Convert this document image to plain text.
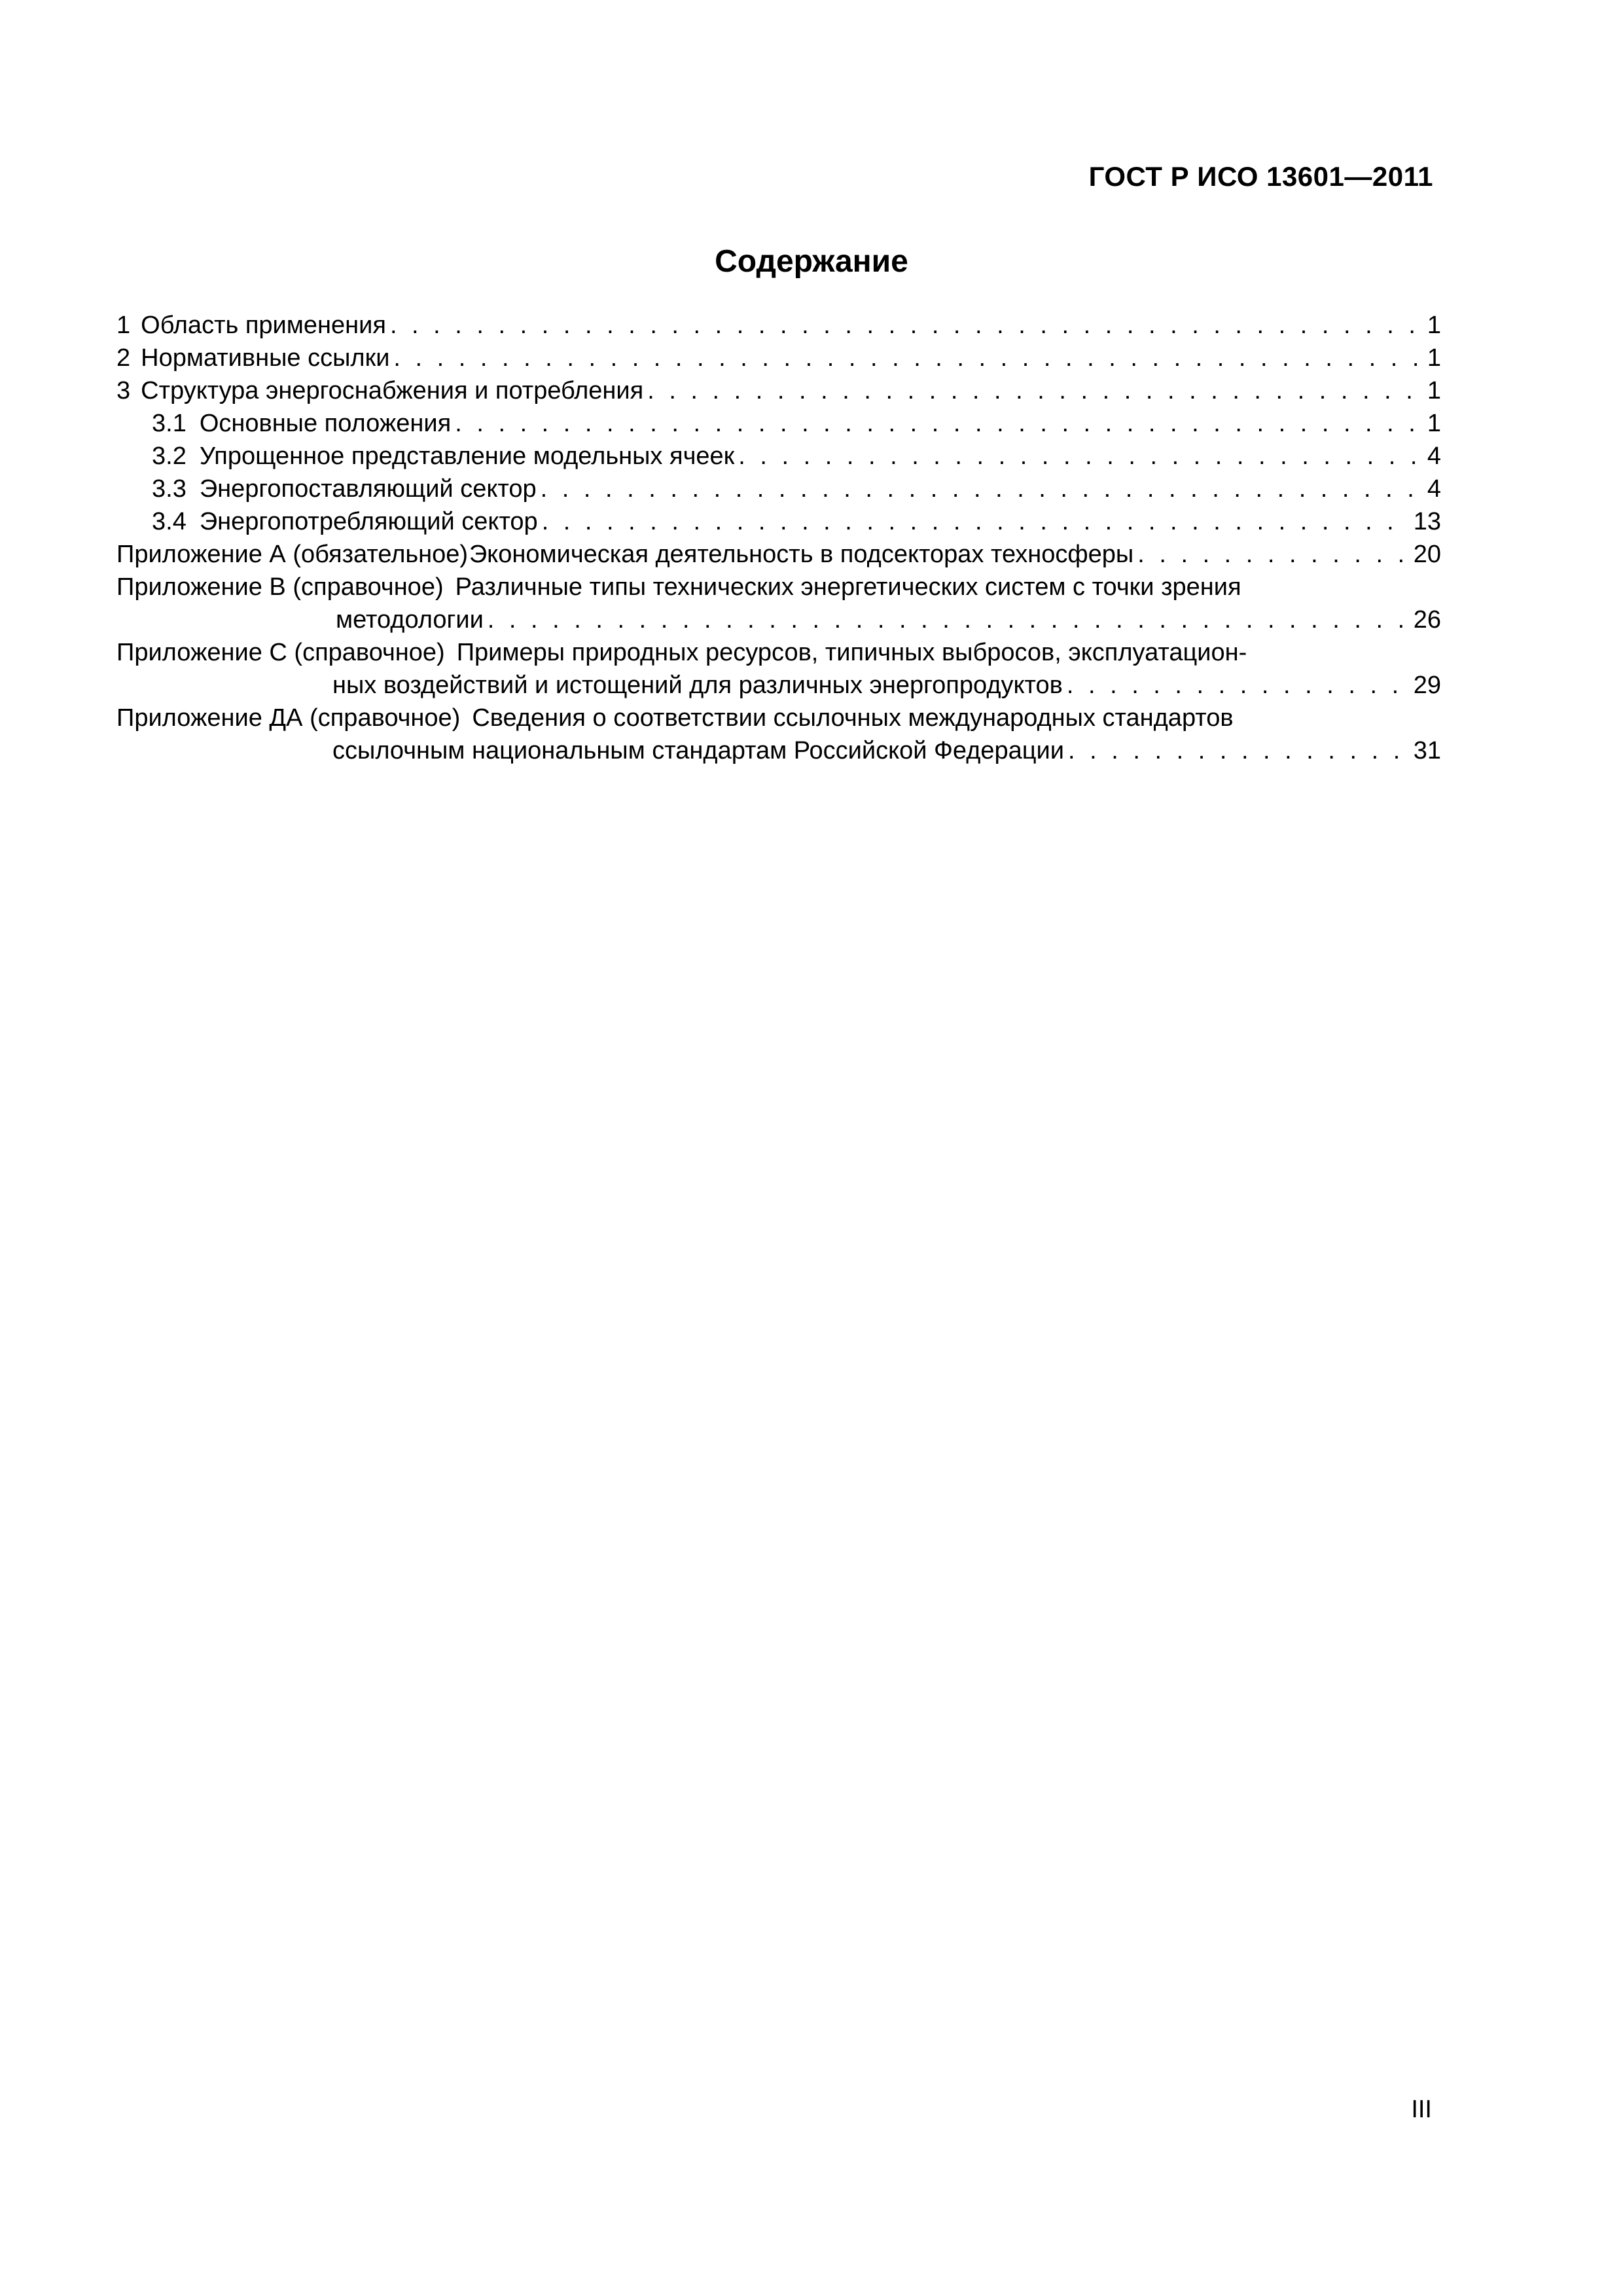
ГОСТ Р ИСО 13601—2011
Содержание
1 Область применения . . .	1
2 Нормативные ссылки . . .	1
3 Структура энергоснабжения и потребления . . .	1
3.1 Основные положения . . .	1
3.2 Упрощенное представление модельных ячеек . . .	4
3.3 Энергопоставляющий сектор . . .	4
3.4 Энергопотребляющий сектор . . .	13
Приложение А (обязательное) Экономическая деятельность в подсекторах техносферы . . .	20
Приложение В (справочное) Различные типы технических энергетических систем с точки зрения
методологии . . .	26
Приложение С (справочное) Примеры природных ресурсов, типичных выбросов, эксплуатацион-
ных воздействий и истощений для различных энергопродуктов . . .	29
Приложение ДА (справочное) Сведения о соответствии ссылочных международных стандартов
ссылочным национальным стандартам Российской Федерации . . .	31
III
